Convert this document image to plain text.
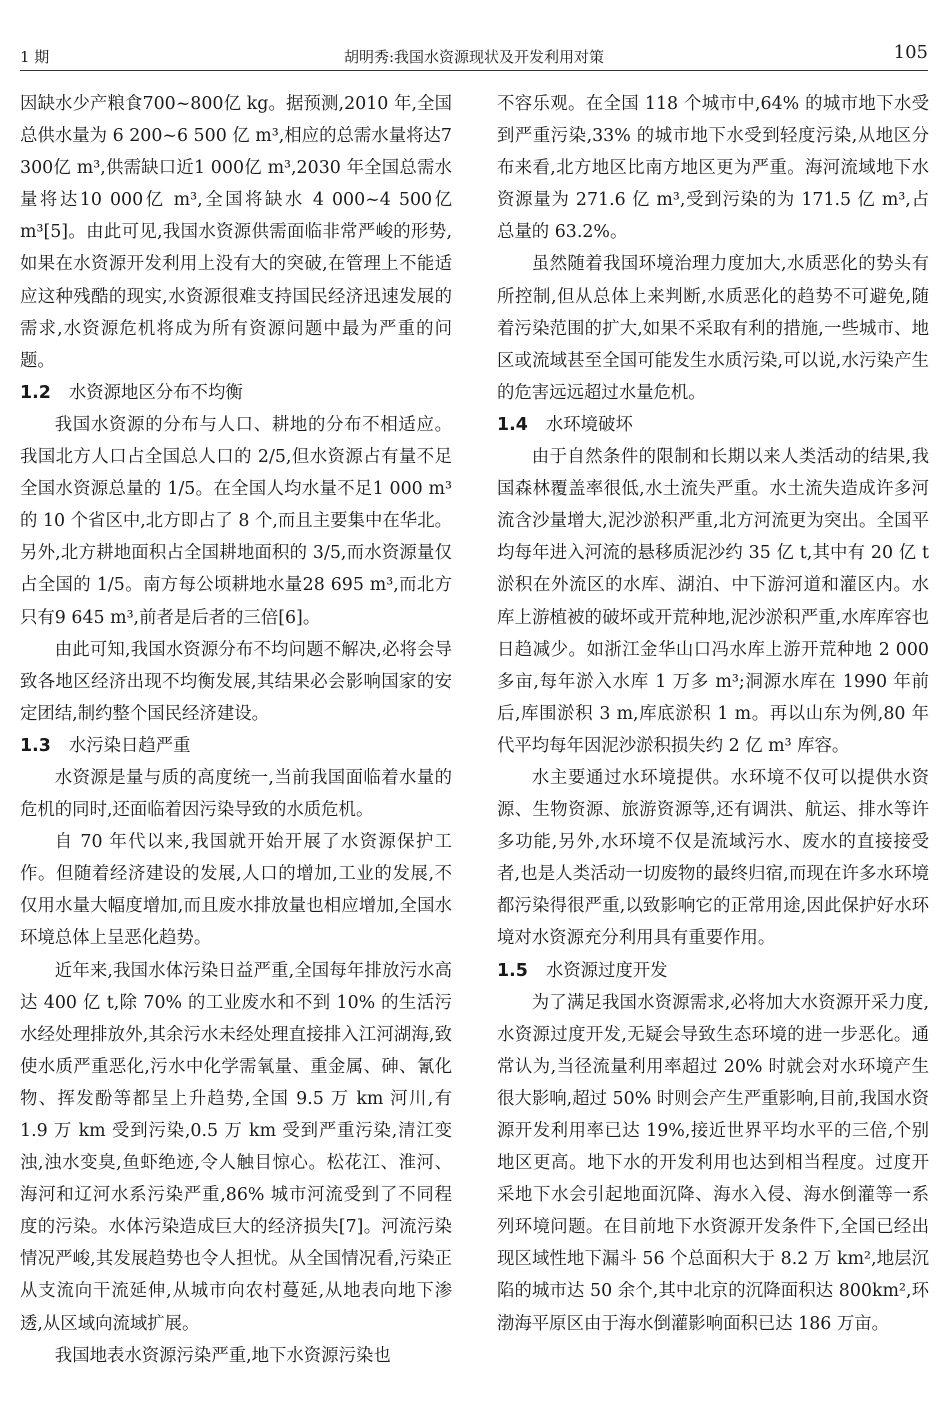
1 期	胡明秀:我国水资源现状及开发利用对策	105

因缺水少产粮食700~800亿 kg。据预测,2010 年,全国总供水量为 6 200~6 500 亿 m³,相应的总需水量将达7 300亿 m³,供需缺口近1 000亿 m³,2030 年全国总需水量将达10 000亿 m³,全国将缺水 4 000~4 500亿 m³[5]。由此可见,我国水资源供需面临非常严峻的形势,如果在水资源开发利用上没有大的突破,在管理上不能适应这种残酷的现实,水资源很难支持国民经济迅速发展的需求,水资源危机将成为所有资源问题中最为严重的问题。

1.2 水资源地区分布不均衡

我国水资源的分布与人口、耕地的分布不相适应。我国北方人口占全国总人口的 2/5,但水资源占有量不足全国水资源总量的 1/5。在全国人均水量不足1 000 m³的 10 个省区中,北方即占了 8 个,而且主要集中在华北。另外,北方耕地面积占全国耕地面积的 3/5,而水资源量仅占全国的 1/5。南方每公顷耕地水量28 695 m³,而北方只有9 645 m³,前者是后者的三倍[6]。

由此可知,我国水资源分布不均问题不解决,必将会导致各地区经济出现不均衡发展,其结果必会影响国家的安定团结,制约整个国民经济建设。

1.3 水污染日趋严重

水资源是量与质的高度统一,当前我国面临着水量的危机的同时,还面临着因污染导致的水质危机。

自 70 年代以来,我国就开始开展了水资源保护工作。但随着经济建设的发展,人口的增加,工业的发展,不仅用水量大幅度增加,而且废水排放量也相应增加,全国水环境总体上呈恶化趋势。

近年来,我国水体污染日益严重,全国每年排放污水高达 400 亿 t,除 70% 的工业废水和不到 10% 的生活污水经处理排放外,其余污水未经处理直接排入江河湖海,致使水质严重恶化,污水中化学需氧量、重金属、砷、氰化物、挥发酚等都呈上升趋势,全国 9.5 万 km 河川,有 1.9 万 km 受到污染,0.5 万 km 受到严重污染,清江变浊,浊水变臭,鱼虾绝迹,令人触目惊心。松花江、淮河、海河和辽河水系污染严重,86% 城市河流受到了不同程度的污染。水体污染造成巨大的经济损失[7]。河流污染情况严峻,其发展趋势也令人担忧。从全国情况看,污染正从支流向干流延伸,从城市向农村蔓延,从地表向地下渗透,从区域向流域扩展。

我国地表水资源污染严重,地下水资源污染也

不容乐观。在全国 118 个城市中,64% 的城市地下水受到严重污染,33% 的城市地下水受到轻度污染,从地区分布来看,北方地区比南方地区更为严重。海河流域地下水资源量为 271.6 亿 m³,受到污染的为 171.5 亿 m³,占总量的 63.2%。

虽然随着我国环境治理力度加大,水质恶化的势头有所控制,但从总体上来判断,水质恶化的趋势不可避免,随着污染范围的扩大,如果不采取有利的措施,一些城市、地区或流域甚至全国可能发生水质污染,可以说,水污染产生的危害远远超过水量危机。

1.4 水环境破坏

由于自然条件的限制和长期以来人类活动的结果,我国森林覆盖率很低,水土流失严重。水土流失造成许多河流含沙量增大,泥沙淤积严重,北方河流更为突出。全国平均每年进入河流的悬移质泥沙约 35 亿 t,其中有 20 亿 t 淤积在外流区的水库、湖泊、中下游河道和灌区内。水库上游植被的破坏或开荒种地,泥沙淤积严重,水库库容也日趋减少。如浙江金华山口冯水库上游开荒种地 2 000 多亩,每年淤入水库 1 万多 m³;洞源水库在 1990 年前后,库围淤积 3 m,库底淤积 1 m。再以山东为例,80 年代平均每年因泥沙淤积损失约 2 亿 m³ 库容。

水主要通过水环境提供。水环境不仅可以提供水资源、生物资源、旅游资源等,还有调洪、航运、排水等许多功能,另外,水环境不仅是流域污水、废水的直接接受者,也是人类活动一切废物的最终归宿,而现在许多水环境都污染得很严重,以致影响它的正常用途,因此保护好水环境对水资源充分利用具有重要作用。

1.5 水资源过度开发

为了满足我国水资源需求,必将加大水资源开采力度,水资源过度开发,无疑会导致生态环境的进一步恶化。通常认为,当径流量利用率超过 20% 时就会对水环境产生很大影响,超过 50% 时则会产生严重影响,目前,我国水资源开发利用率已达 19%,接近世界平均水平的三倍,个别地区更高。地下水的开发利用也达到相当程度。过度开采地下水会引起地面沉降、海水入侵、海水倒灌等一系列环境问题。在目前地下水资源开发条件下,全国已经出现区域性地下漏斗 56 个总面积大于 8.2 万 km²,地层沉陷的城市达 50 余个,其中北京的沉降面积达 800km²,环渤海平原区由于海水倒灌影响面积已达 186 万亩。
